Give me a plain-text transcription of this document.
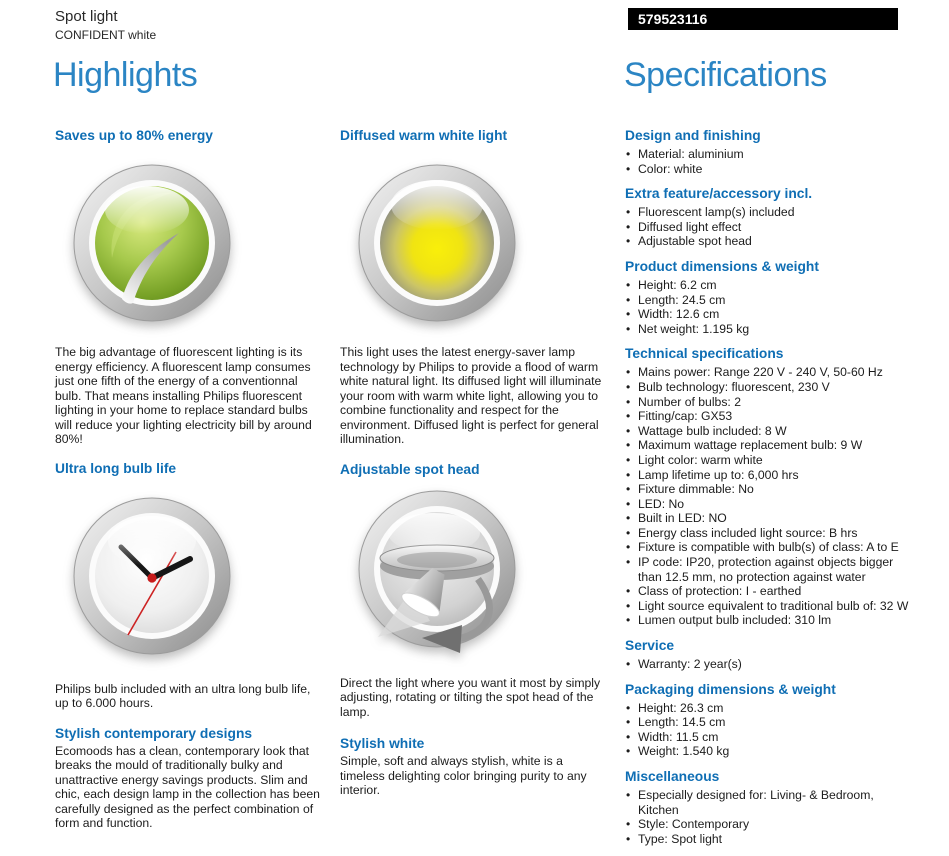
Spot light
CONFIDENT white
579523116
Highlights	Specifications
Saves up to 80% energy

The big advantage of fluorescent lighting is its energy efficiency. A fluorescent lamp consumes just one fifth of the energy of a conventionnal bulb. That means installing Philips fluorescent lighting in your home to replace standard bulbs will reduce your lighting electricity bill by around 80%!

Ultra long bulb life

Philips bulb included with an ultra long bulb life, up to 6.000 hours.

Stylish contemporary designs

Ecomoods has a clean, contemporary look that breaks the mould of traditionally bulky and unattractive energy savings products. Slim and chic, each design lamp in the collection has been carefully designed as the perfect combination of form and function.

Diffused warm white light

This light uses the latest energy-saver lamp technology by Philips to provide a flood of warm white natural light. Its diffused light will illuminate your room with warm white light, allowing you to combine functionality and respect for the environment. Diffused light is perfect for general illumination.

Adjustable spot head

Direct the light where you want it most by simply adjusting, rotating or tilting the spot head of the lamp.

Stylish white

Simple, soft and always stylish, white is a timeless delighting color bringing purity to any interior.

Design and finishing
• Material: aluminium
• Color: white
Extra feature/accessory incl.
• Fluorescent lamp(s) included
• Diffused light effect
• Adjustable spot head
Product dimensions & weight
• Height: 6.2 cm
• Length: 24.5 cm
• Width: 12.6 cm
• Net weight: 1.195 kg
Technical specifications
• Mains power: Range 220 V - 240 V, 50-60 Hz
• Bulb technology: fluorescent, 230 V
• Number of bulbs: 2
• Fitting/cap: GX53
• Wattage bulb included: 8 W
• Maximum wattage replacement bulb: 9 W
• Light color: warm white
• Lamp lifetime up to: 6,000 hrs
• Fixture dimmable: No
• LED: No
• Built in LED: NO
• Energy class included light source: B hrs
• Fixture is compatible with bulb(s) of class: A to E
• IP code: IP20, protection against objects bigger than 12.5 mm, no protection against water
• Class of protection: I - earthed
• Light source equivalent to traditional bulb of: 32 W
• Lumen output bulb included: 310 lm
Service
• Warranty: 2 year(s)
Packaging dimensions & weight
• Height: 26.3 cm
• Length: 14.5 cm
• Width: 11.5 cm
• Weight: 1.540 kg
Miscellaneous
• Especially designed for: Living- & Bedroom, Kitchen
• Style: Contemporary
• Type: Spot light
